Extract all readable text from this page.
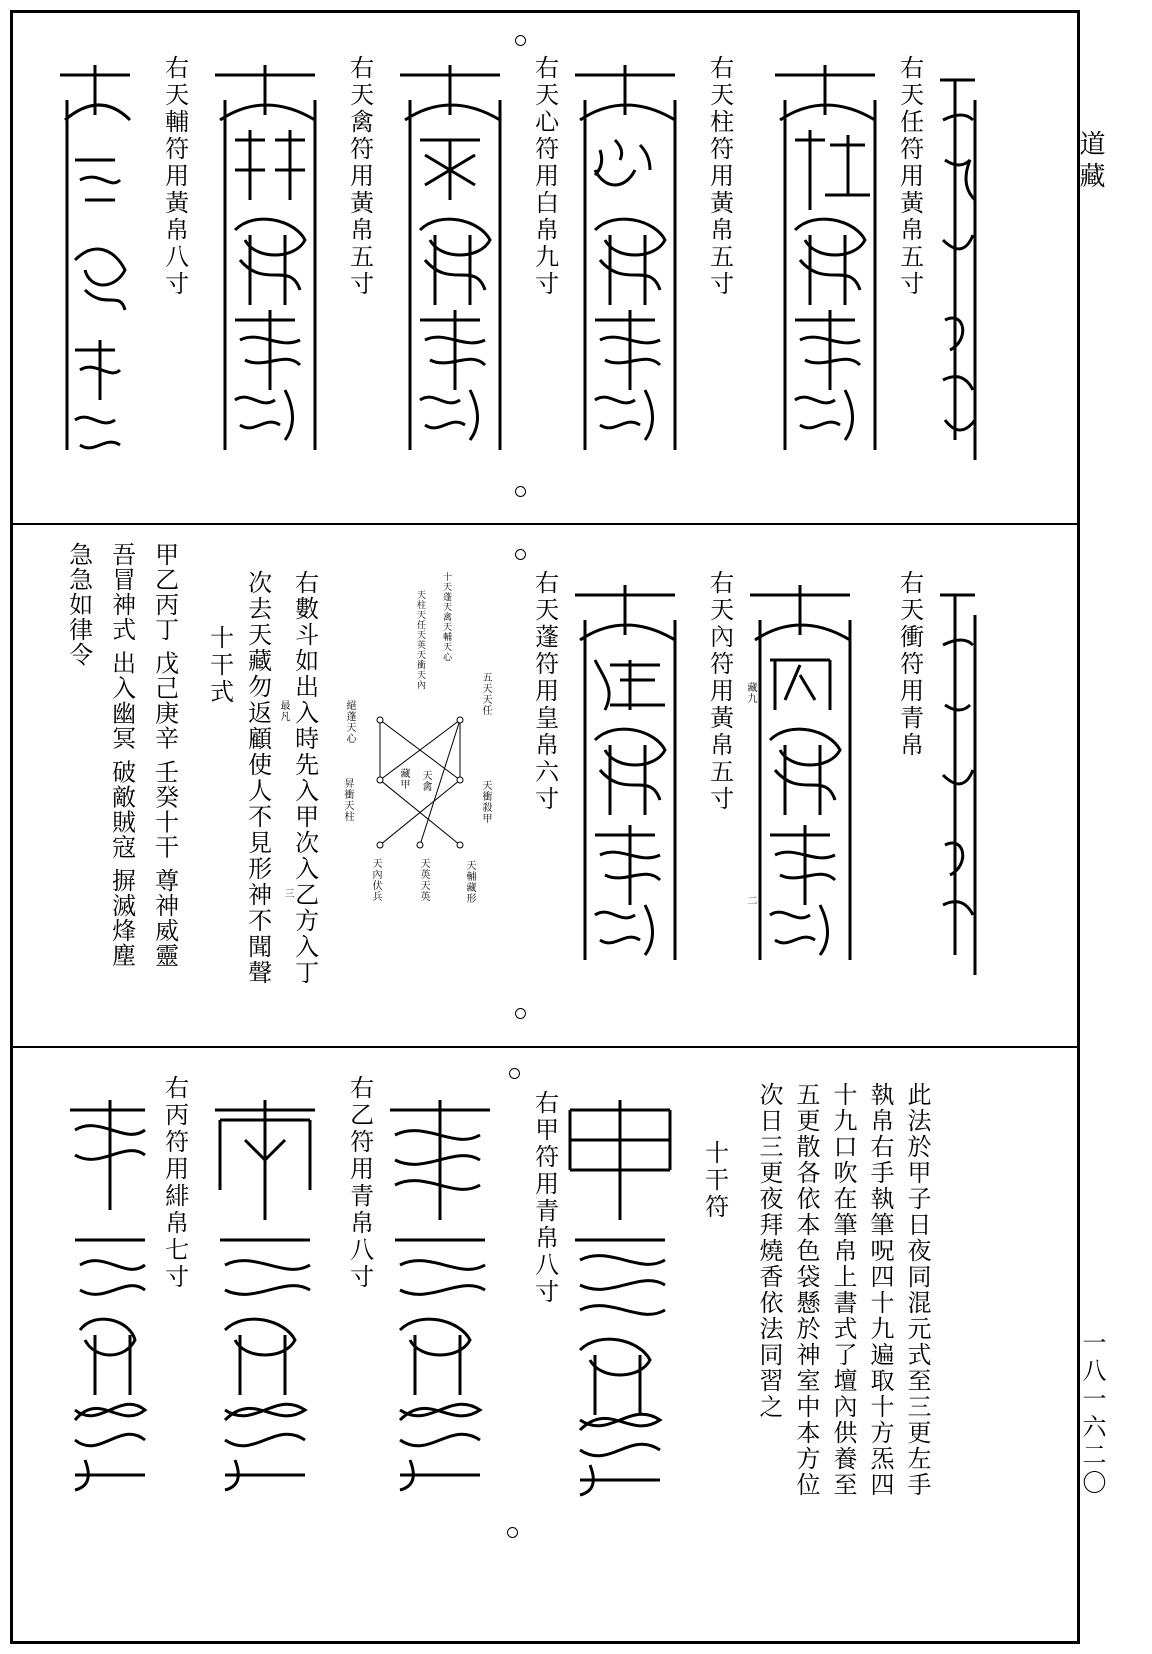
道藏
一八一六二〇
右天任符用黃帛五寸
右天柱符用黃帛五寸
右天心符用白帛九寸
右天禽符用黃帛五寸
右天輔符用黃帛八寸
右天衝符用青帛
右天內符用黃帛五寸
右天蓬符用皇帛六寸	藏九
二
十天蓬天禽天輔天心
天柱天任天英天衝天內
五天天任
天衝殺甲
天輔藏形
天英天英
天內伏兵
天禽
藏甲
絕蓬天心
昇衝天柱
最凡
三
右數斗如出入時先入甲次入乙方入丁
次去天藏勿返顧使人不見形神不聞聲
十干式
甲乙丙丁 戊己庚辛 壬癸十干 尊神威靈
吾冒神式 出入幽冥 破敵賊寇 摒滅烽塵
急急如律令
此法於甲子日夜同混元式至三更左手
執帛右手執筆呪四十九遍取十方炁四
十九口吹在筆帛上書式了壇內供養至
五更散各依本色袋懸於神室中本方位
次日三更夜拜燒香依法同習之
十干符
右甲符用青帛八寸
右乙符用青帛八寸
右丙符用緋帛七寸
